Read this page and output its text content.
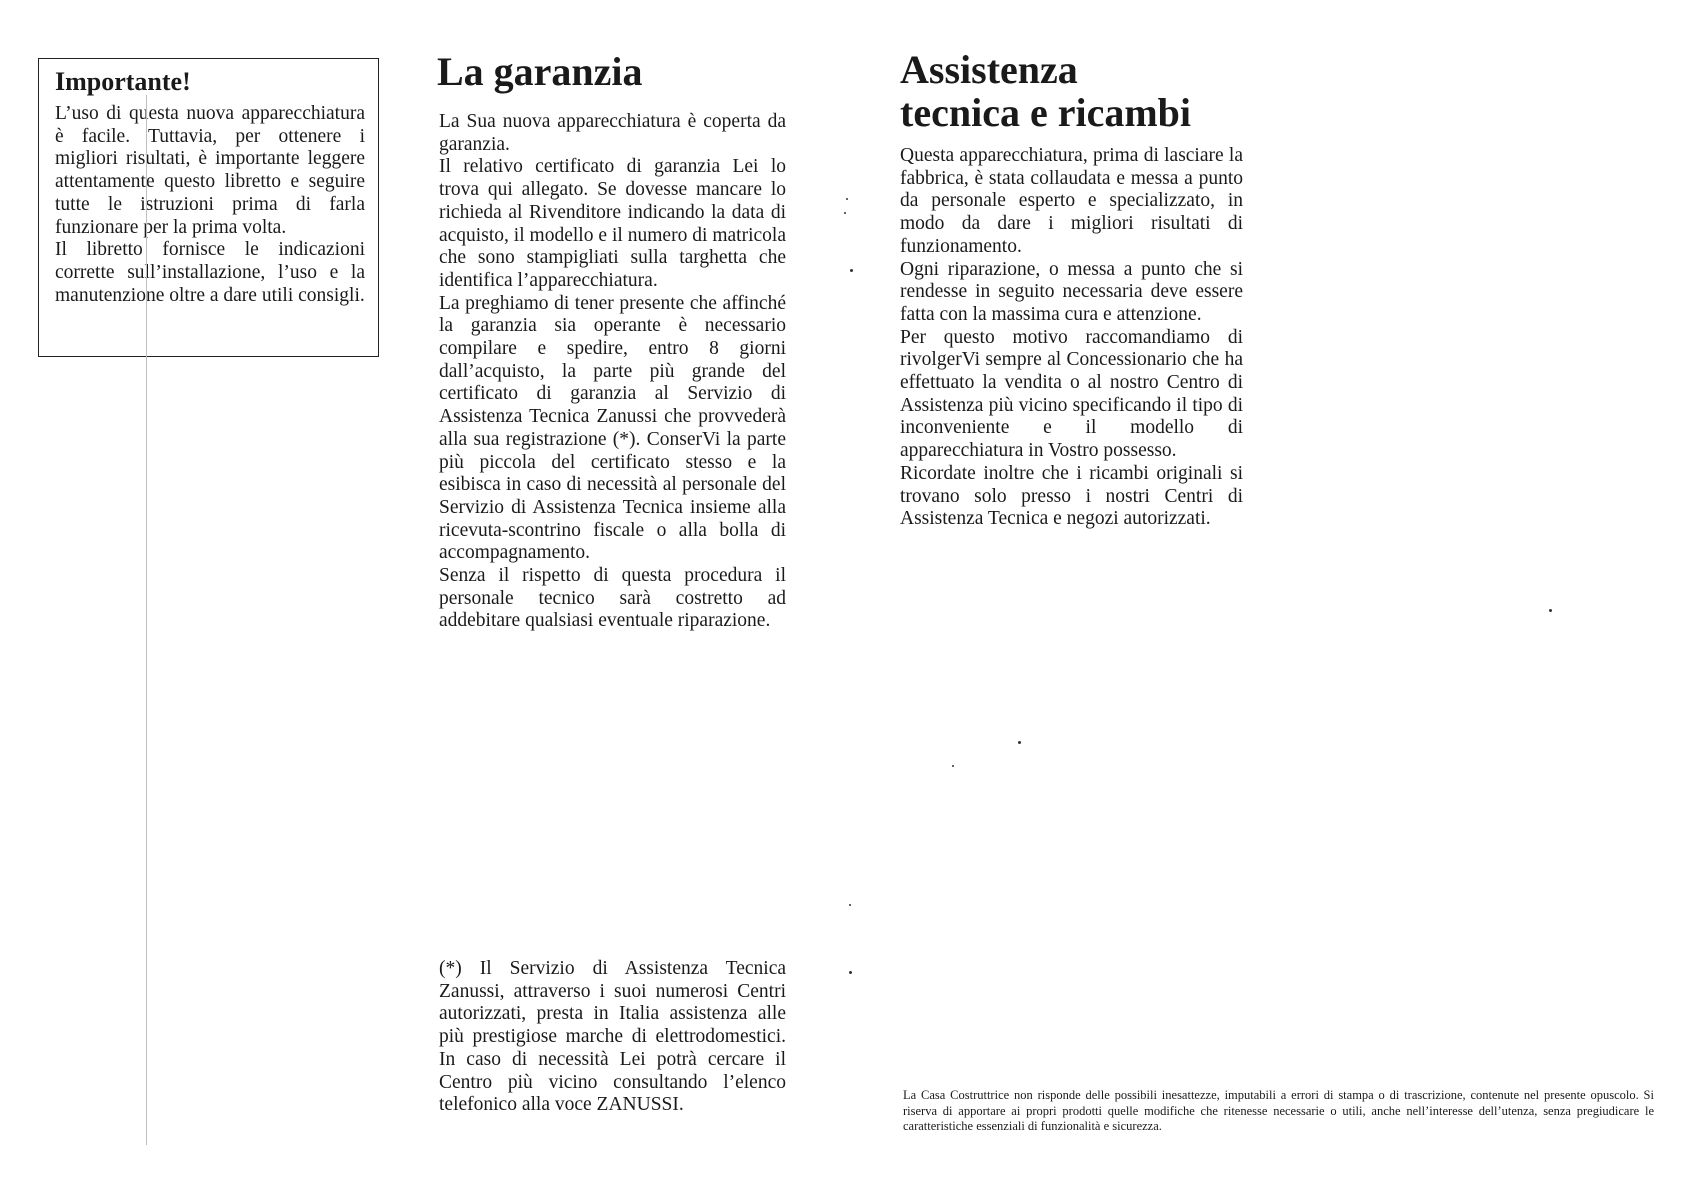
Importante!

L’uso di questa nuova apparecchiatura è facile. Tuttavia, per ottenere i migliori risultati, è importante leggere attentamente questo libretto e seguire tutte le istruzioni prima di farla funzionare per la prima volta.

Il libretto fornisce le indicazioni corrette sull’installazione, l’uso e la manutenzione oltre a dare utili consigli.

La garanzia

La Sua nuova apparecchiatura è coperta da garanzia.

Il relativo certificato di garanzia Lei lo trova qui allegato. Se dovesse mancare lo richieda al Rivenditore indicando la data di acquisto, il modello e il numero di matricola che sono stampigliati sulla targhetta che identifica l’apparecchiatura.

La preghiamo di tener presente che affinché la garanzia sia operante è necessario compilare e spedire, entro 8 giorni dall’acquisto, la parte più grande del certificato di garanzia al Servizio di Assistenza Tecnica Zanussi che provvederà alla sua registrazione (*). ConserVi la parte più piccola del certificato stesso e la esibisca in caso di necessità al personale del Servizio di Assistenza Tecnica insieme alla ricevuta-scontrino fiscale o alla bolla di accompagnamento.

Senza il rispetto di questa procedura il personale tecnico sarà costretto ad addebitare qualsiasi eventuale riparazione.

(*) Il Servizio di Assistenza Tecnica Zanussi, attraverso i suoi numerosi Centri autorizzati, presta in Italia assistenza alle più prestigiose marche di elettrodomestici. In caso di necessità Lei potrà cercare il Centro più vicino consultando l’elenco telefonico alla voce ZANUSSI.

Assistenza
tecnica e ricambi

Questa apparecchiatura, prima di lasciare la fabbrica, è stata collaudata e messa a punto da personale esperto e specializzato, in modo da dare i migliori risultati di funzionamento.

Ogni riparazione, o messa a punto che si rendesse in seguito necessaria deve essere fatta con la massima cura e attenzione.

Per questo motivo raccomandiamo di rivolgerVi sempre al Concessionario che ha effettuato la vendita o al nostro Centro di Assistenza più vicino specificando il tipo di inconveniente e il modello di apparecchiatura in Vostro possesso.

Ricordate inoltre che i ricambi originali si trovano solo presso i nostri Centri di Assistenza Tecnica e negozi autorizzati.

La Casa Costruttrice non risponde delle possibili inesattezze, imputabili a errori di stampa o di trascrizione, contenute nel presente opuscolo. Si riserva di apportare ai propri prodotti quelle modifiche che ritenesse necessarie o utili, anche nell’interesse dell’utenza, senza pregiudicare le caratteristiche essenziali di funzionalità e sicurezza.
